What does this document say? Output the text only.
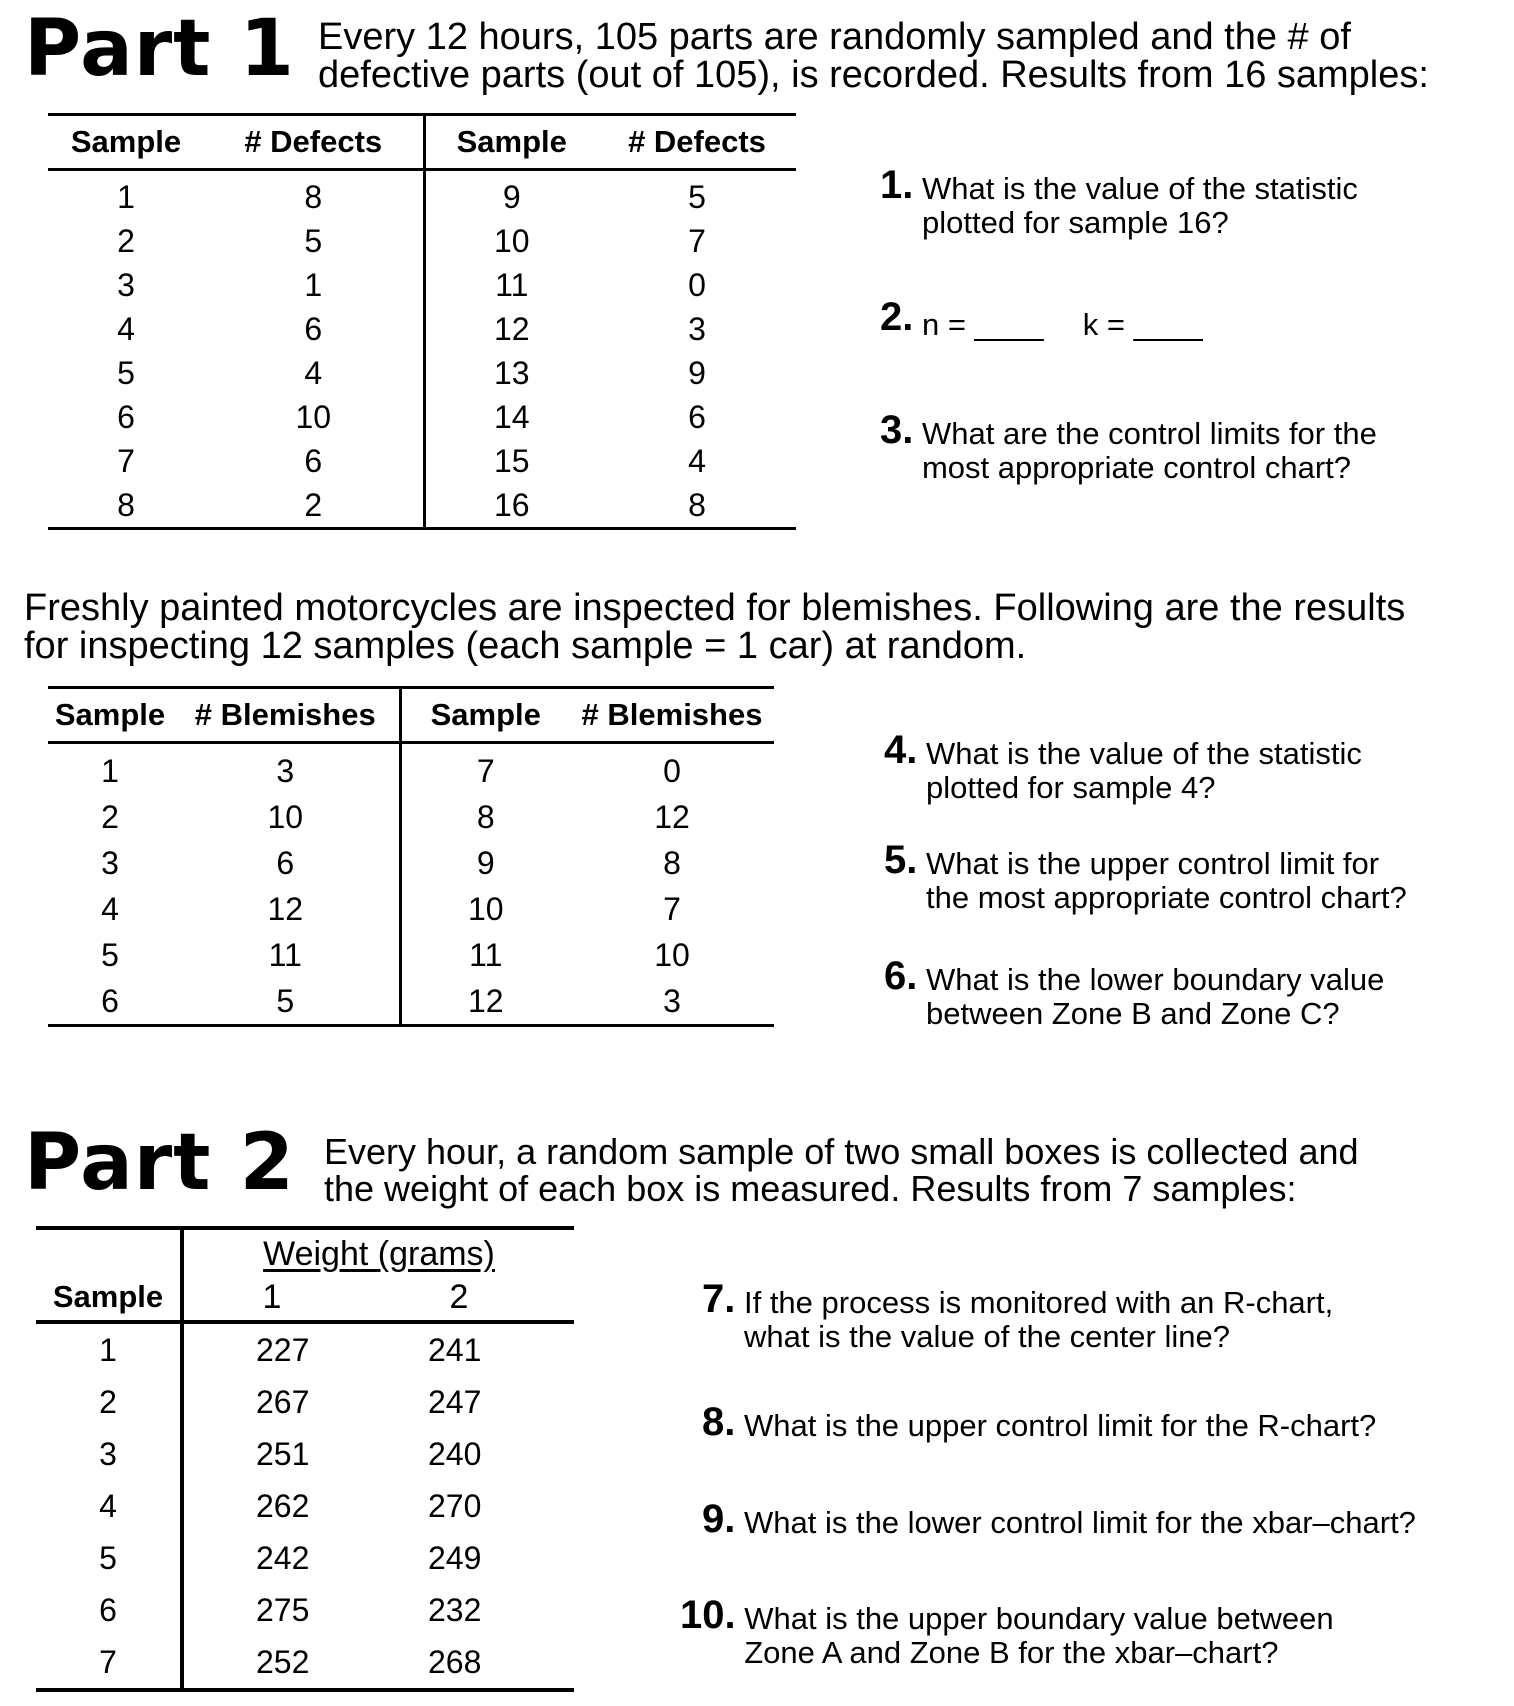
Part 1 Every 12 hours, 105 parts are randomly sampled and the # of
defective parts (out of 105), is recorded. Results from 16 samples:
Sample	# Defects	Sample	# Defects
1	8	9	5
2	5	10	7
3	1	11	0
4	6	12	3
5	4	13	9
6	10	14	6
7	6	15	4
8	2	16	8
1. What is the value of the statistic
plotted for sample 16?
2. n = ____ k = ____
3. What are the control limits for the
most appropriate control chart?
Freshly painted motorcycles are inspected for blemishes. Following are the results
for inspecting 12 samples (each sample = 1 car) at random.
Sample	# Blemishes	Sample	# Blemishes
1	3	7	0
2	10	8	12
3	6	9	8
4	12	10	7
5	11	11	10
6	5	12	3
4. What is the value of the statistic
plotted for sample 4?
5. What is the upper control limit for
the most appropriate control chart?
6. What is the lower boundary value
between Zone B and Zone C?
Part 2 Every hour, a random sample of two small boxes is collected and
the weight of each box is measured. Results from 7 samples:
	Weight (grams)	
Sample	1	2
1	227	241
2	267	247
3	251	240
4	262	270
5	242	249
6	275	232
7	252	268
7. If the process is monitored with an R-chart,
what is the value of the center line?
8. What is the upper control limit for the R-chart?
9. What is the lower control limit for the xbar–chart?
10. What is the upper boundary value between
Zone A and Zone B for the xbar–chart?
